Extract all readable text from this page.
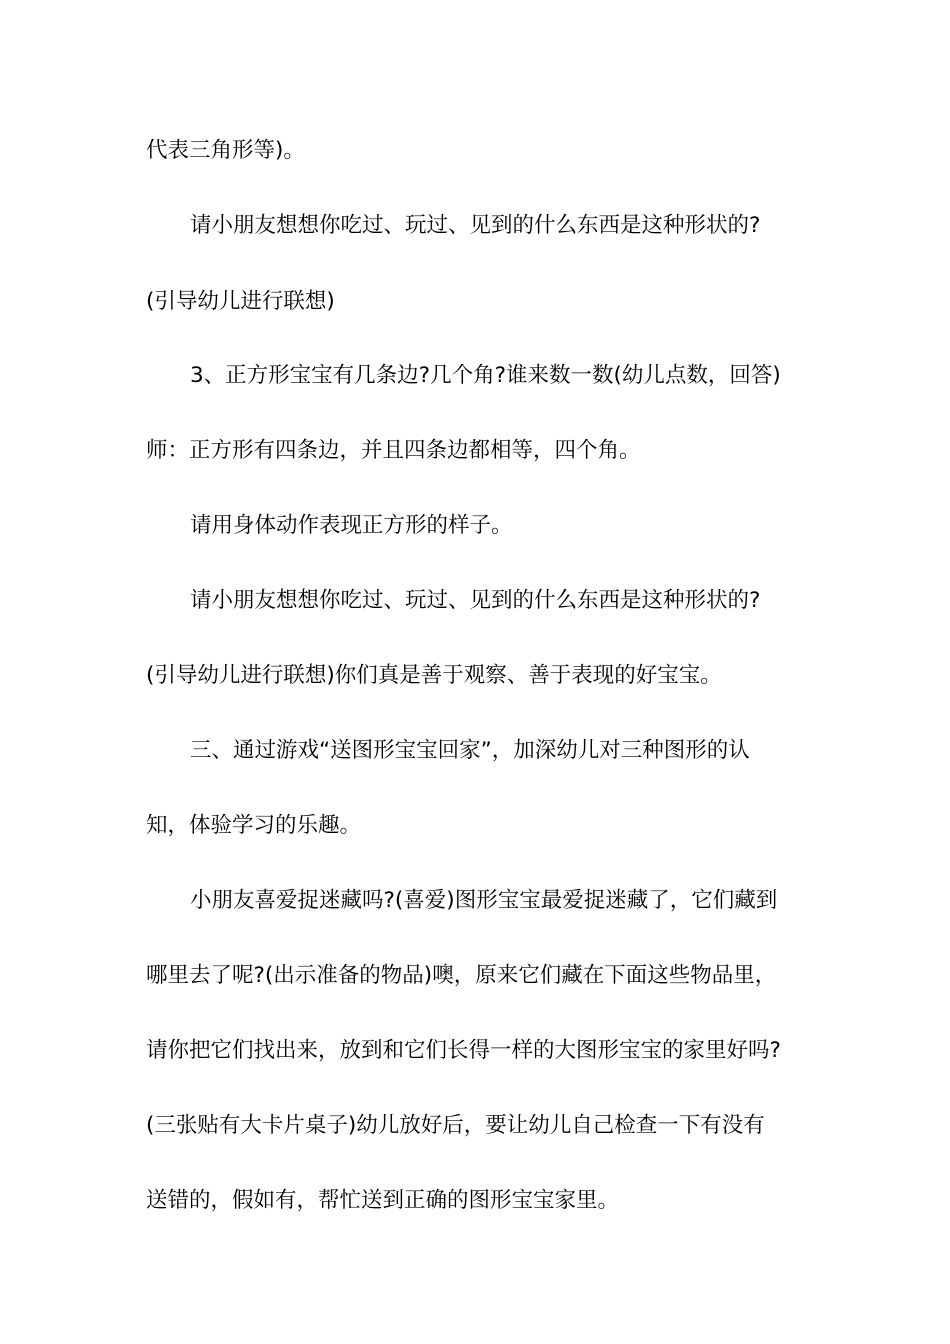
代表三角形等)。
请小朋友想想你吃过、玩过、见到的什么东西是这种形状的?
(引导幼儿进行联想)
3、正方形宝宝有几条边?几个角?谁来数一数(幼儿点数，回答)
师：正方形有四条边，并且四条边都相等，四个角。
请用身体动作表现正方形的样子。
请小朋友想想你吃过、玩过、见到的什么东西是这种形状的?
(引导幼儿进行联想)你们真是善于观察、善于表现的好宝宝。
三、通过游戏“送图形宝宝回家”，加深幼儿对三种图形的认
知，体验学习的乐趣。
小朋友喜爱捉迷藏吗?(喜爱)图形宝宝最爱捉迷藏了，它们藏到
哪里去了呢?(出示准备的物品)噢，原来它们藏在下面这些物品里，
请你把它们找出来，放到和它们长得一样的大图形宝宝的家里好吗?
(三张贴有大卡片桌子)幼儿放好后，要让幼儿自己检查一下有没有
送错的，假如有，帮忙送到正确的图形宝宝家里。
